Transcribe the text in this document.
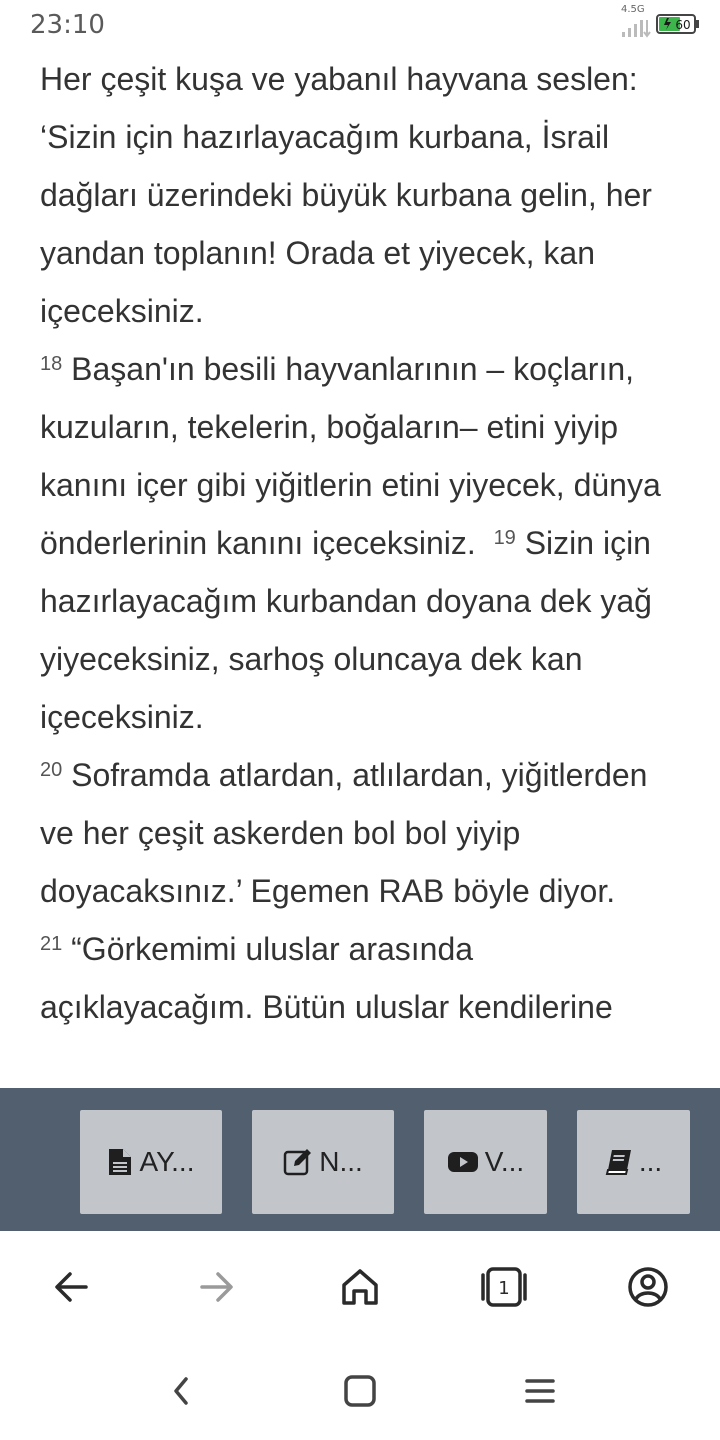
23:10
4.5G
60

Her çeşit kuşa ve yabanıl hayvana seslen: ‘Sizin için hazırlayacağım kurbana, İsrail dağları üzerindeki büyük kurbana gelin, her yandan toplanın! Orada et yiyecek, kan içeceksiniz.

$^{18}$ Başan'ın besili hayvanlarının – koçların, kuzuların, tekelerin, boğaların– etini yiyip kanını içer gibi yiğitlerin etini yiyecek, dünya önderlerinin kanını içeceksiniz. $^{19}$ Sizin için hazırlayacağım kurbandan doyana dek yağ yiyeceksiniz, sarhoş oluncaya dek kan içeceksiniz.

$^{20}$ Soframda atlardan, atlılardan, yiğitlerden ve her çeşit askerden bol bol yiyip doyacaksınız.’ Egemen RAB böyle diyor.

$^{21}$ “Görkemimi uluslar arasında açıklayacağım. Bütün uluslar kendilerine

AY...	N...	V...	...
1
